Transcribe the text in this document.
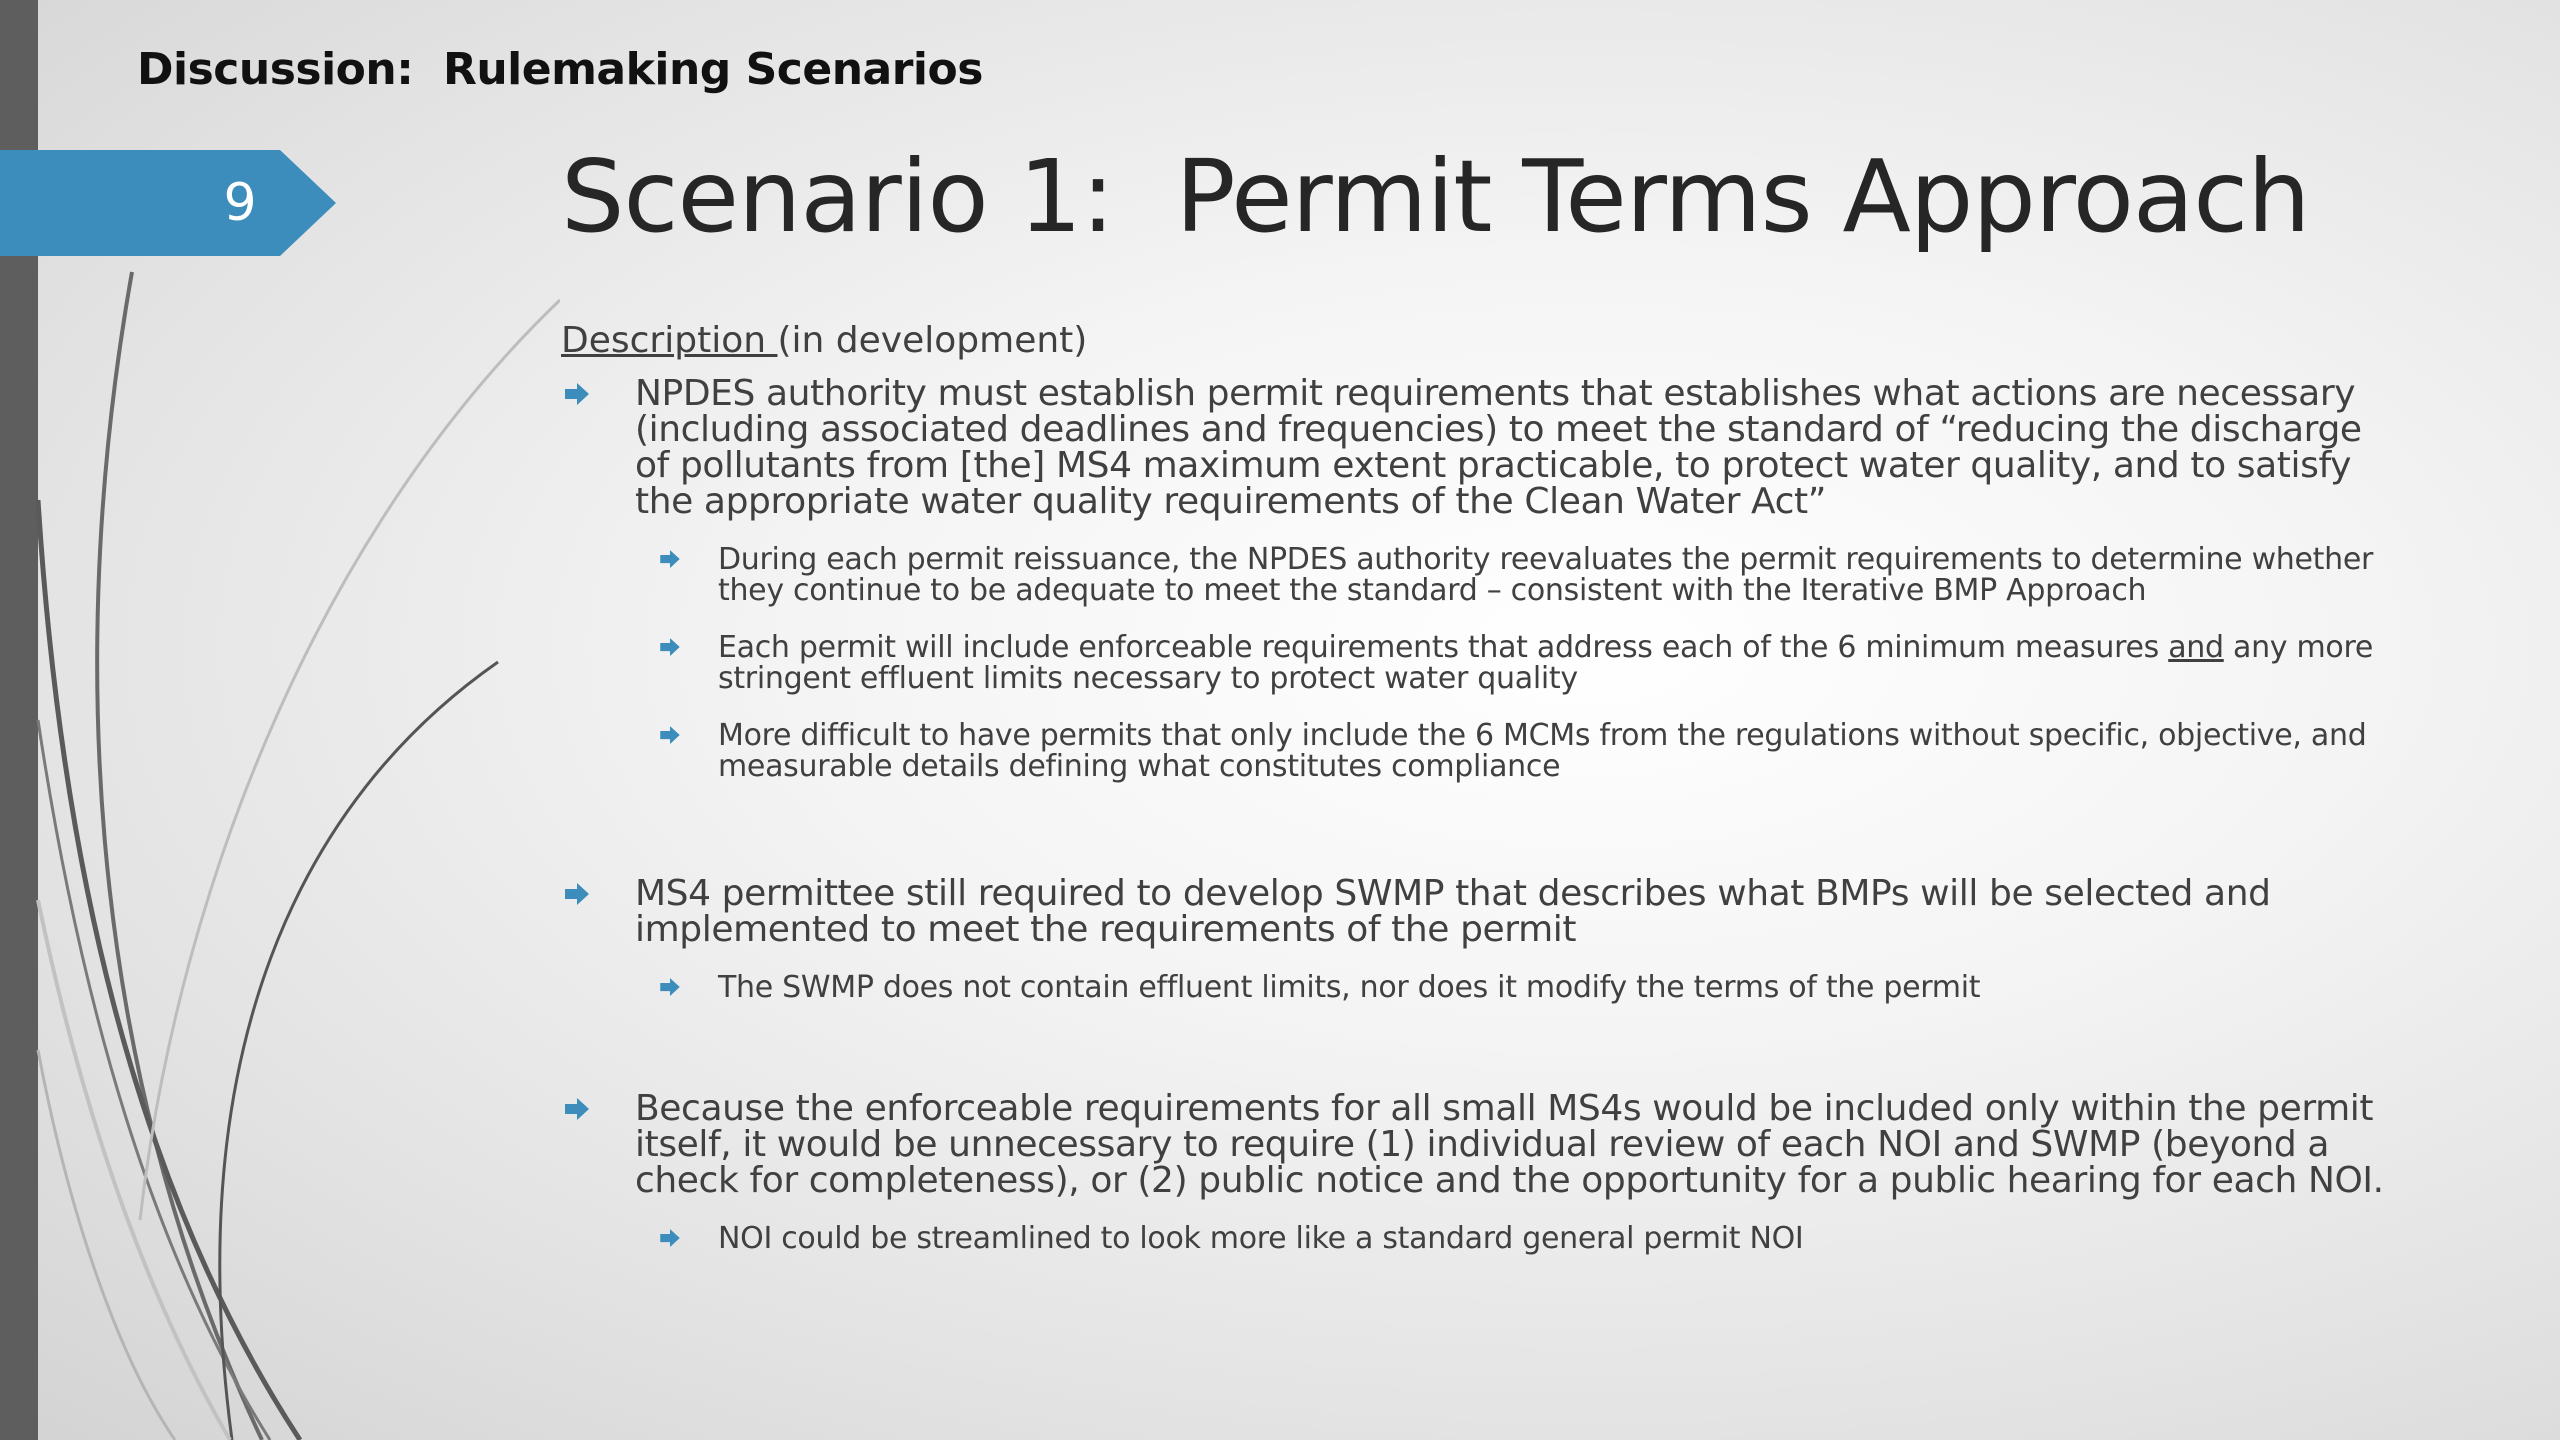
Discussion:  Rulemaking Scenarios
9	Scenario 1:  Permit Terms Approach
Description (in development)
NPDES authority must establish permit requirements that establishes what actions are necessary (including associated deadlines and frequencies) to meet the standard of “reducing the discharge of pollutants from [the] MS4 maximum extent practicable, to protect water quality, and to satisfy the appropriate water quality requirements of the Clean Water Act”
During each permit reissuance, the NPDES authority reevaluates the permit requirements to determine whether they continue to be adequate to meet the standard – consistent with the Iterative BMP Approach
Each permit will include enforceable requirements that address each of the 6 minimum measures and any more stringent effluent limits necessary to protect water quality
More difficult to have permits that only include the 6 MCMs from the regulations without specific, objective, and measurable details defining what constitutes compliance
MS4 permittee still required to develop SWMP that describes what BMPs will be selected and implemented to meet the requirements of the permit
The SWMP does not contain effluent limits, nor does it modify the terms of the permit
Because the enforceable requirements for all small MS4s would be included only within the permit itself, it would be unnecessary to require (1) individual review of each NOI and SWMP (beyond a check for completeness), or (2) public notice and the opportunity for a public hearing for each NOI.
NOI could be streamlined to look more like a standard general permit NOI
